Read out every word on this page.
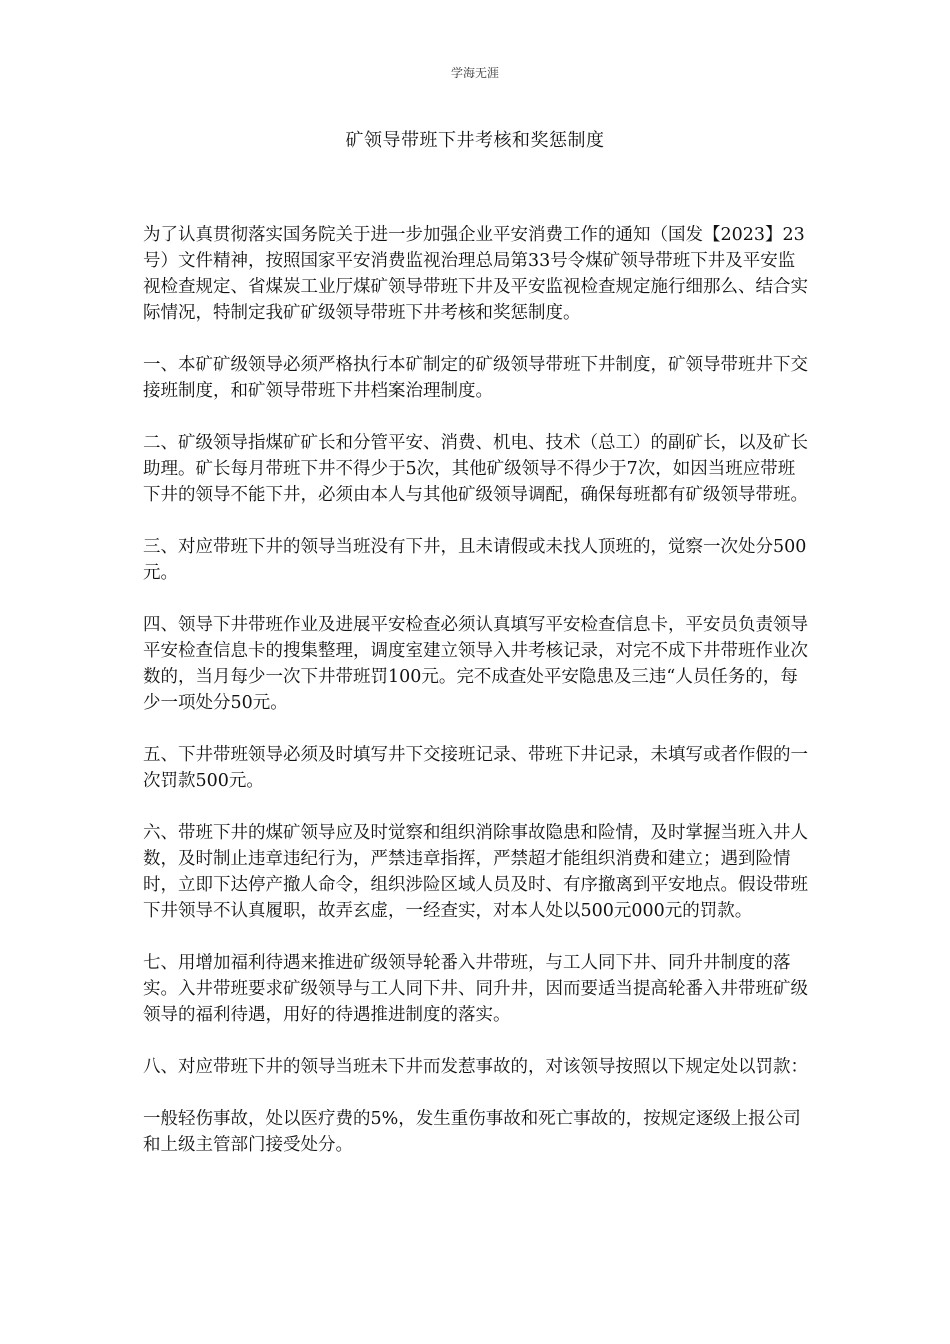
学海无涯
矿领导带班下井考核和奖惩制度

为了认真贯彻落实国务院关于进一步加强企业平安消费工作的通知（国发【2023】23号）文件精神，按照国家平安消费监视治理总局第33号令煤矿领导带班下井及平安监视检查规定、省煤炭工业厅煤矿领导带班下井及平安监视检查规定施行细那么、结合实际情况，特制定我矿矿级领导带班下井考核和奖惩制度。

一、本矿矿级领导必须严格执行本矿制定的矿级领导带班下井制度，矿领导带班井下交接班制度，和矿领导带班下井档案治理制度。

二、矿级领导指煤矿矿长和分管平安、消费、机电、技术（总工）的副矿长，以及矿长助理。矿长每月带班下井不得少于5次，其他矿级领导不得少于7次，如因当班应带班下井的领导不能下井，必须由本人与其他矿级领导调配，确保每班都有矿级领导带班。

三、对应带班下井的领导当班没有下井，且未请假或未找人顶班的，觉察一次处分500元。

四、领导下井带班作业及进展平安检查必须认真填写平安检查信息卡，平安员负责领导平安检查信息卡的搜集整理，调度室建立领导入井考核记录，对完不成下井带班作业次数的，当月每少一次下井带班罚100元。完不成查处平安隐患及三违“人员任务的，每少一项处分50元。

五、下井带班领导必须及时填写井下交接班记录、带班下井记录，未填写或者作假的一次罚款500元。

六、带班下井的煤矿领导应及时觉察和组织消除事故隐患和险情，及时掌握当班入井人数，及时制止违章违纪行为，严禁违章指挥，严禁超才能组织消费和建立；遇到险情时，立即下达停产撤人命令，组织涉险区域人员及时、有序撤离到平安地点。假设带班下井领导不认真履职，故弄玄虚，一经查实，对本人处以500元000元的罚款。

七、用增加福利待遇来推进矿级领导轮番入井带班，与工人同下井、同升井制度的落实。入井带班要求矿级领导与工人同下井、同升井，因而要适当提高轮番入井带班矿级领导的福利待遇，用好的待遇推进制度的落实。

八、对应带班下井的领导当班未下井而发惹事故的，对该领导按照以下规定处以罚款：

一般轻伤事故，处以医疗费的5%，发生重伤事故和死亡事故的，按规定逐级上报公司和上级主管部门接受处分。
